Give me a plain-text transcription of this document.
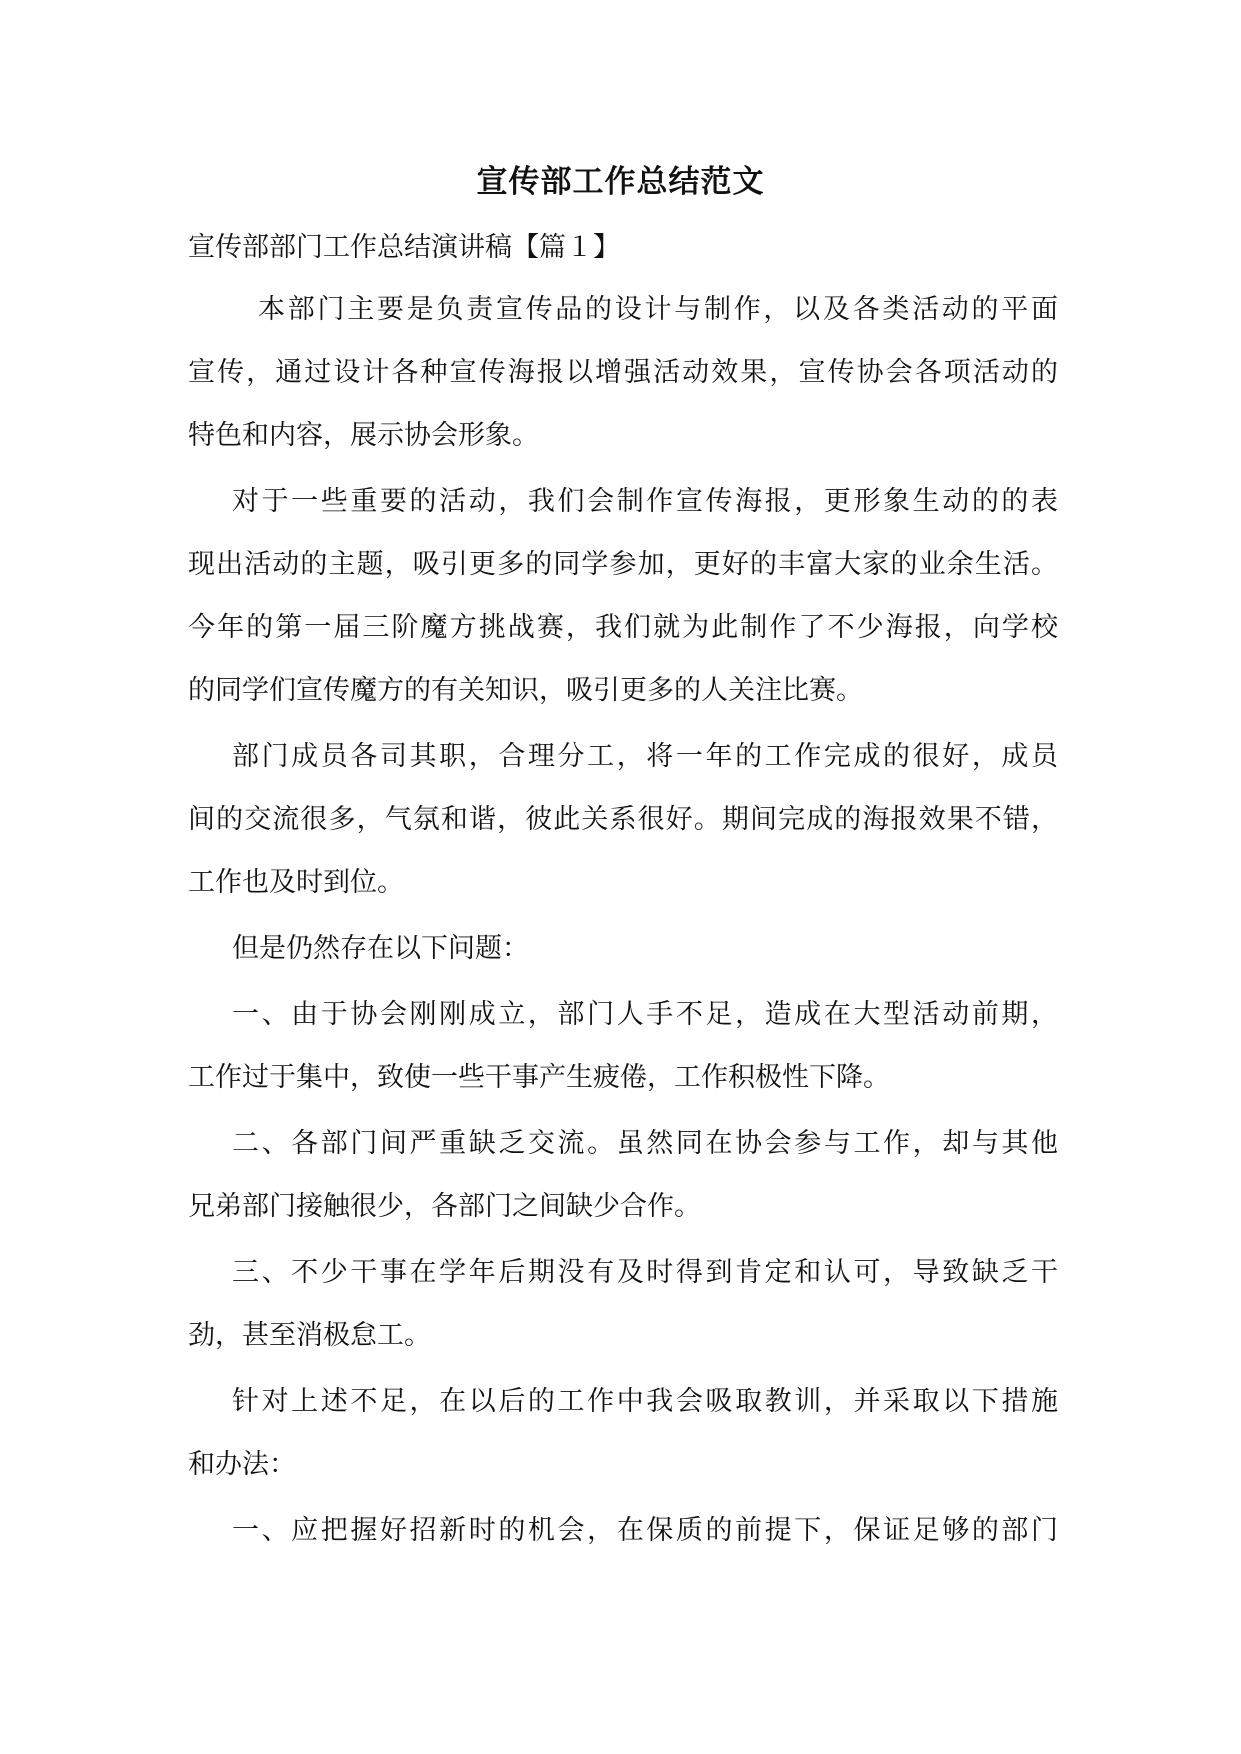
宣传部工作总结范文
宣传部部门工作总结演讲稿【篇１】
本部门主要是负责宣传品的设计与制作，以及各类活动的平面
宣传，通过设计各种宣传海报以增强活动效果，宣传协会各项活动的
特色和内容，展示协会形象。
对于一些重要的活动，我们会制作宣传海报，更形象生动的的表
现出活动的主题，吸引更多的同学参加，更好的丰富大家的业余生活。
今年的第一届三阶魔方挑战赛，我们就为此制作了不少海报，向学校
的同学们宣传魔方的有关知识，吸引更多的人关注比赛。
部门成员各司其职，合理分工，将一年的工作完成的很好，成员
间的交流很多，气氛和谐，彼此关系很好。期间完成的海报效果不错，
工作也及时到位。
但是仍然存在以下问题：
一、由于协会刚刚成立，部门人手不足，造成在大型活动前期，
工作过于集中，致使一些干事产生疲倦，工作积极性下降。
二、各部门间严重缺乏交流。虽然同在协会参与工作，却与其他
兄弟部门接触很少，各部门之间缺少合作。
三、不少干事在学年后期没有及时得到肯定和认可，导致缺乏干
劲，甚至消极怠工。
针对上述不足，在以后的工作中我会吸取教训，并采取以下措施
和办法：
一、应把握好招新时的机会，在保质的前提下，保证足够的部门
